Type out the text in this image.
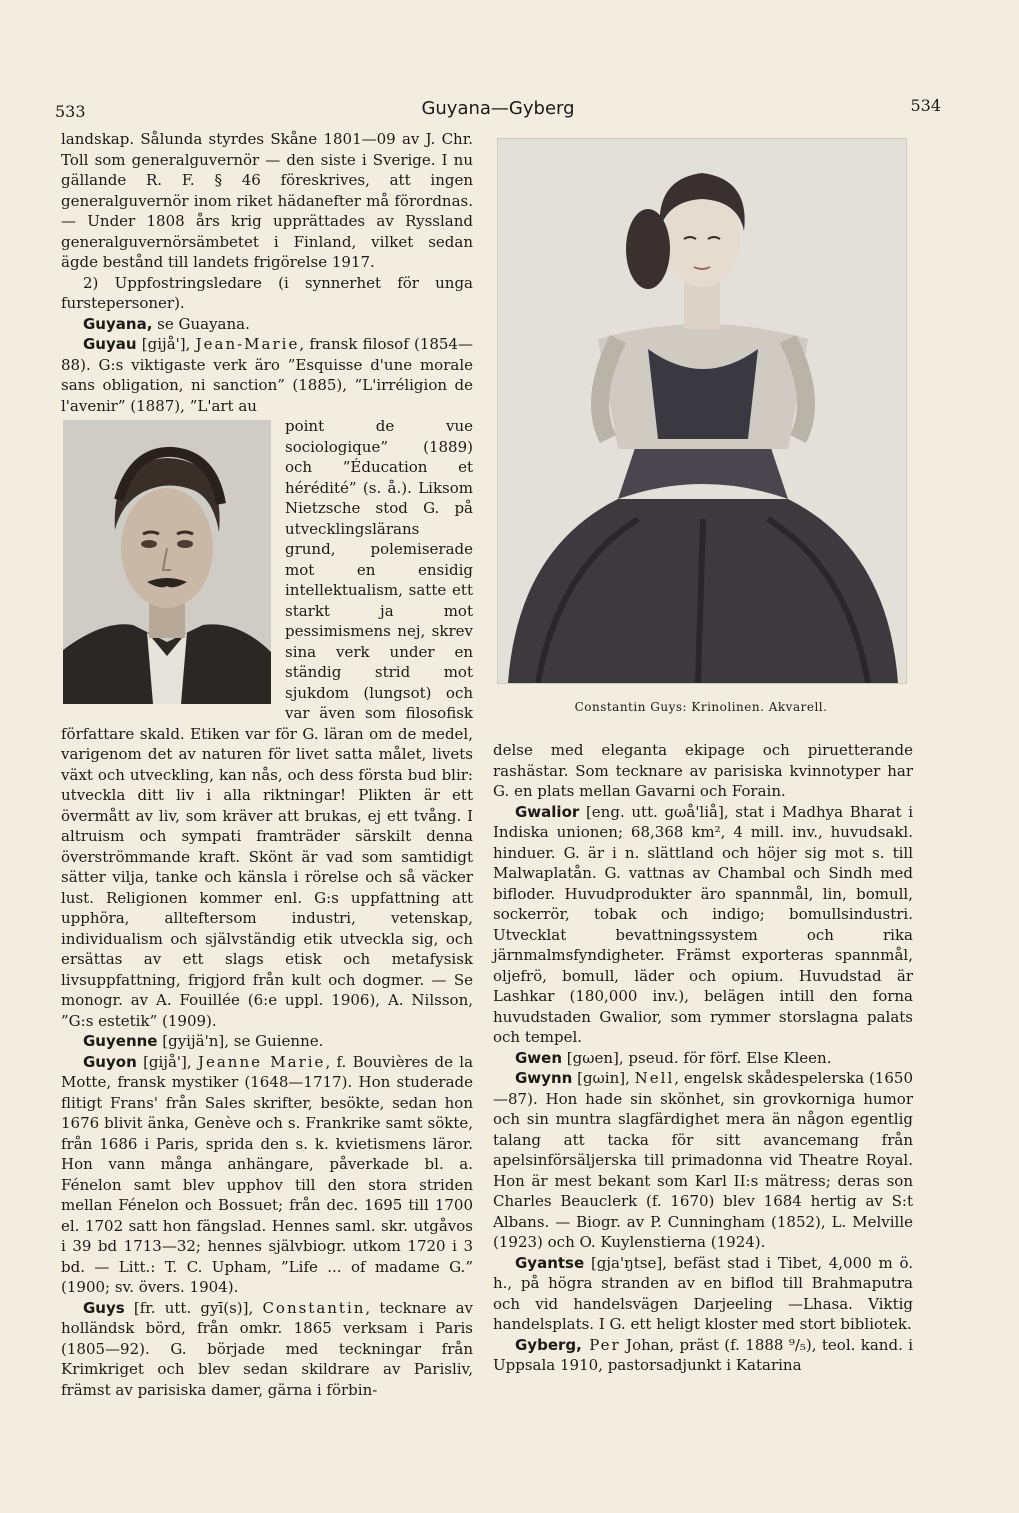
533	Guyana—Gyberg	534

landskap. Sålunda styrdes Skåne 1801—09 av J. Chr. Toll som generalguvernör — den siste i Sverige. I nu gällande R. F. § 46 föreskrives, att ingen generalguvernör inom riket hädanefter må förordnas. — Under 1808 års krig upprättades av Ryssland generalguvernörsämbetet i Finland, vilket sedan ägde bestånd till landets frigörelse 1917.

2) Uppfostringsledare (i synnerhet för unga furstepersoner).

Guyana, se Guayana.

Guyau [gijå'], Jean-Marie, fransk filosof (1854—88). G:s viktigaste verk äro ”Esquisse d'une morale sans obligation, ni sanction” (1885), ”L'irréligion de l'avenir” (1887), ”L'art au

point de vue sociologique” (1889) och ”Éducation et hérédité” (s. å.). Liksom Nietzsche stod G. på utvecklingslärans grund, polemiserade mot en ensidig intellektualism, satte ett starkt ja mot pessimismens nej, skrev sina verk under en ständig strid mot sjukdom (lungsot) och var även som filosofisk författare skald. Etiken var för G. läran om de medel, varigenom det av naturen för livet satta målet, livets växt och utveckling, kan nås, och dess första bud blir: utveckla ditt liv i alla riktningar! Plikten är ett övermått av liv, som kräver att brukas, ej ett tvång. I altruism och sympati framträder särskilt denna överströmmande kraft. Skönt är vad som samtidigt sätter vilja, tanke och känsla i rörelse och så väcker lust. Religionen kommer enl. G:s uppfattning att upphöra, allteftersom industri, vetenskap, individualism och självständig etik utveckla sig, och ersättas av ett slags etisk och metafysisk livsuppfattning, frigjord från kult och dogmer. — Se monogr. av A. Fouillée (6:e uppl. 1906), A. Nilsson, ”G:s estetik” (1909).

Guyenne [gyijä'n], se Guienne.

Guyon [gijå'], Jeanne Marie, f. Bouvières de la Motte, fransk mystiker (1648—1717). Hon studerade flitigt Frans' från Sales skrifter, besökte, sedan hon 1676 blivit änka, Genève och s. Frankrike samt sökte, från 1686 i Paris, sprida den s. k. kvietismens läror. Hon vann många anhängare, påverkade bl. a. Fénelon samt blev upphov till den stora striden mellan Fénelon och Bossuet; från dec. 1695 till 1700 el. 1702 satt hon fängslad. Hennes saml. skr. utgåvos i 39 bd 1713—32; hennes självbiogr. utkom 1720 i 3 bd. — Litt.: T. C. Upham, ”Life ... of madame G.” (1900; sv. övers. 1904).

Guys [fr. utt. gyī(s)], Constantin, tecknare av holländsk börd, från omkr. 1865 verksam i Paris (1805—92). G. började med teckningar från Krimkriget och blev sedan skildrare av Parisliv, främst av parisiska damer, gärna i förbin-

Constantin Guys: Krinolinen. Akvarell.

delse med eleganta ekipage och piruetterande rashästar. Som tecknare av parisiska kvinnotyper har G. en plats mellan Gavarni och Forain.

Gwalior [eng. utt. gωå'liå], stat i Madhya Bharat i Indiska unionen; 68,368 km², 4 mill. inv., huvudsakl. hinduer. G. är i n. slättland och höjer sig mot s. till Malwaplatån. G. vattnas av Chambal och Sindh med bifloder. Huvudprodukter äro spannmål, lin, bomull, sockerrör, tobak och indigo; bomullsindustri. Utvecklat bevattningssystem och rika järnmalmsfyndigheter. Främst exporteras spannmål, oljefrö, bomull, läder och opium. Huvudstad är Lashkar (180,000 inv.), belägen intill den forna huvudstaden Gwalior, som rymmer storslagna palats och tempel.

Gwen [gωen], pseud. för förf. Else Kleen.

Gwynn [gωin], Nell, engelsk skådespelerska (1650—87). Hon hade sin skönhet, sin grovkorniga humor och sin muntra slagfärdighet mera än någon egentlig talang att tacka för sitt avancemang från apelsinförsäljerska till primadonna vid Theatre Royal. Hon är mest bekant som Karl II:s mätress; deras son Charles Beauclerk (f. 1670) blev 1684 hertig av S:t Albans. — Biogr. av P. Cunningham (1852), L. Melville (1923) och O. Kuylenstierna (1924).

Gyantse [gja'ŋtse], befäst stad i Tibet, 4,000 m ö. h., på högra stranden av en biflod till Brahmaputra och vid handelsvägen Darjeeling —Lhasa. Viktig handelsplats. I G. ett heligt kloster med stort bibliotek.

Gyberg, Per Johan, präst (f. 1888 ⁹/₅), teol. kand. i Uppsala 1910, pastorsadjunkt i Katarina
